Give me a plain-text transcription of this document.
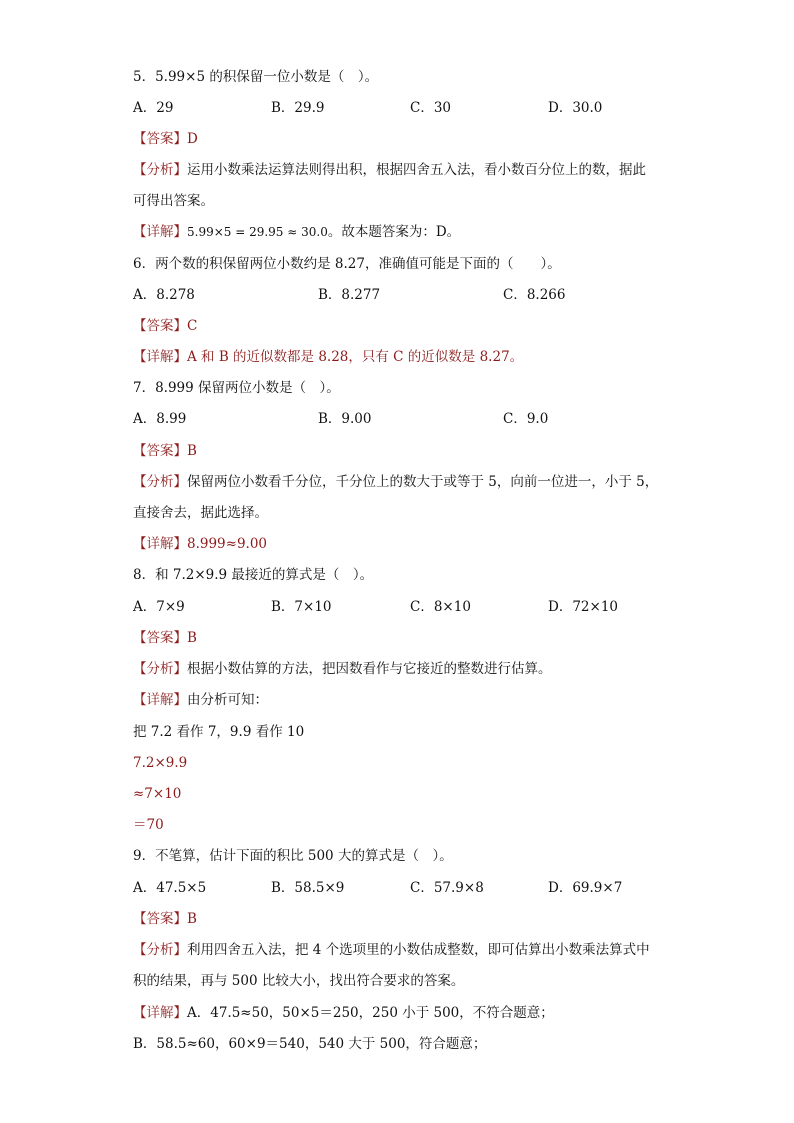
5．5.99×5 的积保留一位小数是（　）。
A．29	B．29.9	C．30	D．30.0
【答案】D
【分析】运用小数乘法运算法则得出积，根据四舍五入法，看小数百分位上的数，据此
可得出答案。
【详解】5.99×5 = 29.95 ≈ 30.0。故本题答案为：D。
6．两个数的积保留两位小数约是 8.27，准确值可能是下面的（　　）。
A．8.278	B．8.277	C．8.266
【答案】C
【详解】A 和 B 的近似数都是 8.28，只有 C 的近似数是 8.27。
7．8.999 保留两位小数是（　）。
A．8.99	B．9.00	C．9.0
【答案】B
【分析】保留两位小数看千分位，千分位上的数大于或等于 5，向前一位进一，小于 5，
直接舍去，据此选择。
【详解】8.999≈9.00
8．和 7.2×9.9 最接近的算式是（　）。
A．7×9	B．7×10	C．8×10	D．72×10
【答案】B
【分析】根据小数估算的方法，把因数看作与它接近的整数进行估算。
【详解】由分析可知：
把 7.2 看作 7，9.9 看作 10
7.2×9.9
≈7×10
＝70
9．不笔算，估计下面的积比 500 大的算式是（　）。
A．47.5×5	B．58.5×9	C．57.9×8	D．69.9×7
【答案】B
【分析】利用四舍五入法，把 4 个选项里的小数估成整数，即可估算出小数乘法算式中
积的结果，再与 500 比较大小，找出符合要求的答案。
【详解】A．47.5≈50，50×5＝250，250 小于 500，不符合题意；
B．58.5≈60，60×9＝540，540 大于 500，符合题意；
